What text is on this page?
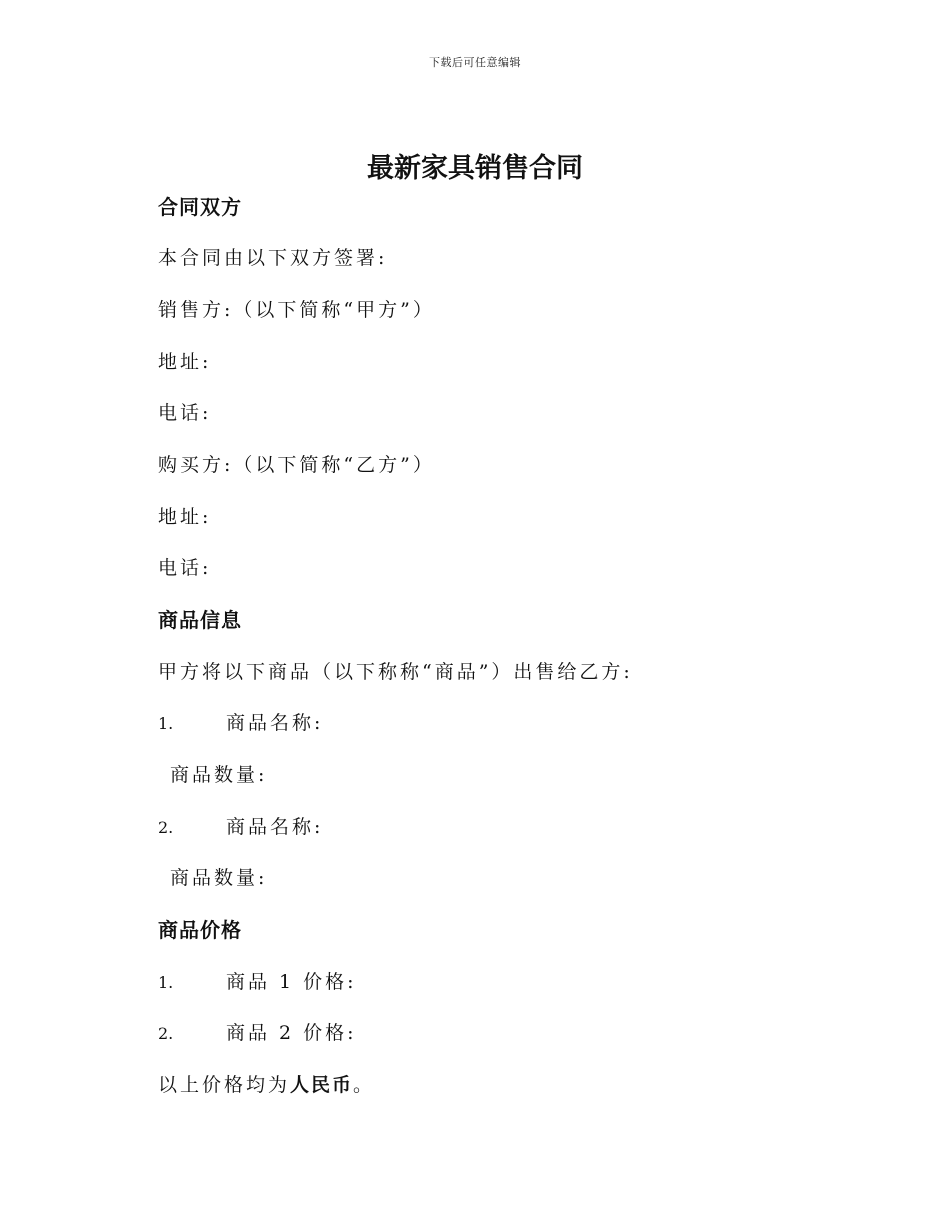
下载后可任意编辑
最新家具销售合同
合同双方
本合同由以下双方签署:
销售方:（以下简称“甲方”）
地址:
电话:
购买方:（以下简称“乙方”）
地址:
电话:
商品信息
甲方将以下商品（以下称称“商品”）出售给乙方:
1.	商品名称:
商品数量:
2.	商品名称:
商品数量:
商品价格
1.	商品 1 价格:
2.	商品 2 价格:
以上价格均为人民币。
